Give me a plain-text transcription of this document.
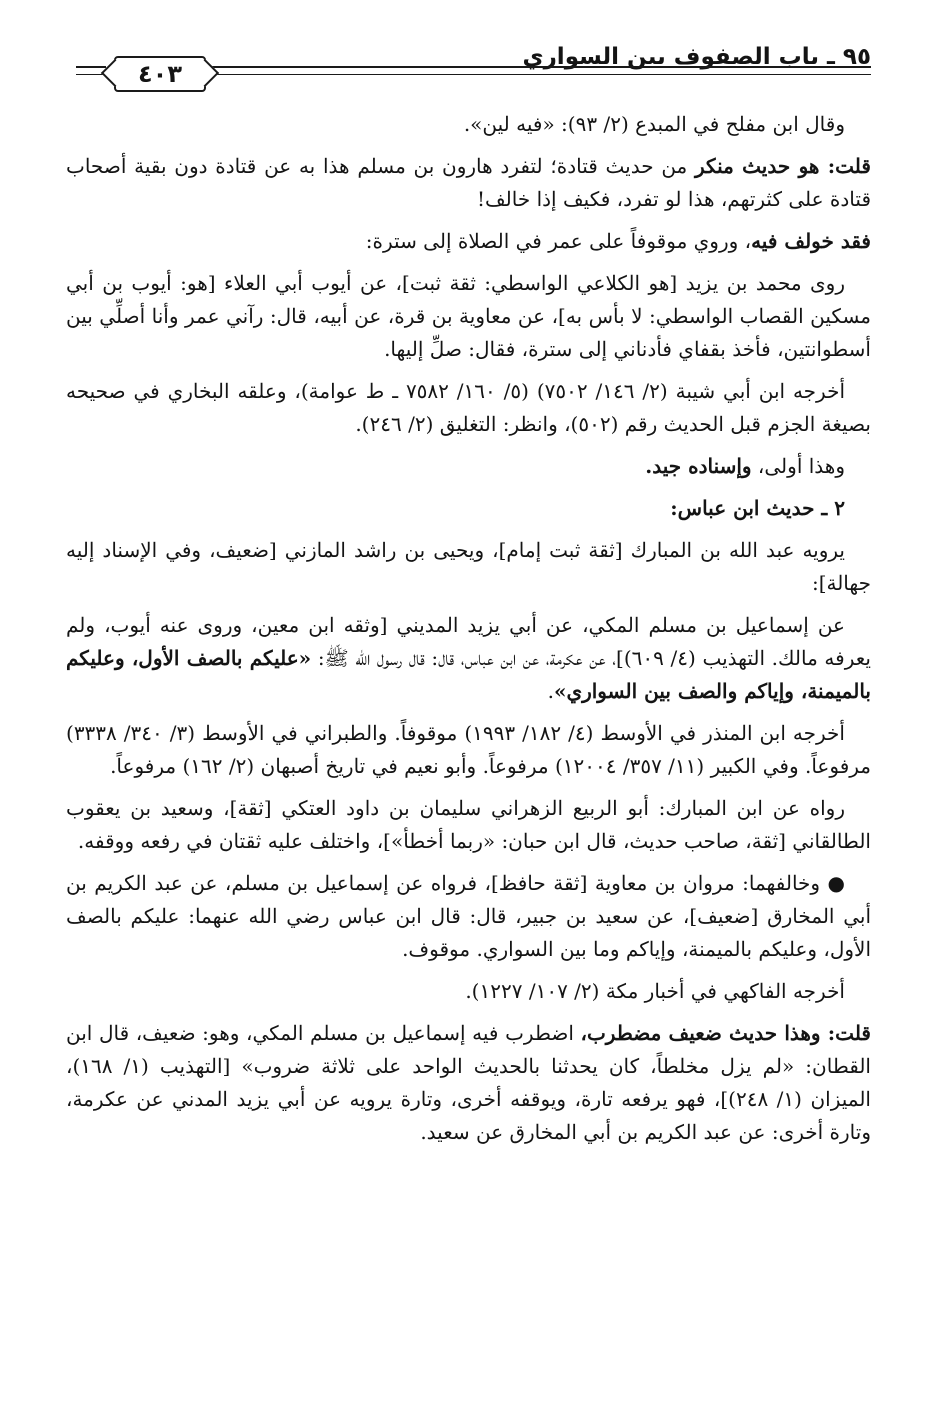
٩٥ ـ باب الصفوف بين السواري
٤٠٣

وقال ابن مفلح في المبدع (٢/ ٩٣): «فيه لين».

قلت: هو حديث منكر من حديث قتادة؛ لتفرد هارون بن مسلم هذا به عن قتادة دون بقية أصحاب قتادة على كثرتهم، هذا لو تفرد، فكيف إذا خالف!

فقد خولف فيه، وروي موقوفاً على عمر في الصلاة إلى سترة:

روى محمد بن يزيد [هو الكلاعي الواسطي: ثقة ثبت]، عن أيوب أبي العلاء [هو: أيوب بن أبي مسكين القصاب الواسطي: لا بأس به]، عن معاوية بن قرة، عن أبيه، قال: رآني عمر وأنا أصلِّي بين أسطوانتين، فأخذ بقفاي فأدناني إلى سترة، فقال: صلِّ إليها.

أخرجه ابن أبي شيبة (٢/ ١٤٦/ ٧٥٠٢) (٥/ ١٦٠/ ٧٥٨٢ ـ ط عوامة)، وعلقه البخاري في صحيحه بصيغة الجزم قبل الحديث رقم (٥٠٢)، وانظر: التغليق (٢/ ٢٤٦).

وهذا أولى، وإسناده جيد.

٢ ـ حديث ابن عباس:

يرويه عبد الله بن المبارك [ثقة ثبت إمام]، ويحيى بن راشد المازني [ضعيف، وفي الإسناد إليه جهالة]:

عن إسماعيل بن مسلم المكي، عن أبي يزيد المديني [وثقه ابن معين، وروى عنه أيوب، ولم يعرفه مالك. التهذيب (٤/ ٦٠٩)]، عن عكرمة، عن ابن عباس، قال: قال رسول الله ﷺ: «عليكم بالصف الأول، وعليكم بالميمنة، وإياكم والصف بين السواري».

أخرجه ابن المنذر في الأوسط (٤/ ١٨٢/ ١٩٩٣) موقوفاً. والطبراني في الأوسط (٣/ ٣٤٠/ ٣٣٣٨) مرفوعاً. وفي الكبير (١١/ ٣٥٧/ ١٢٠٠٤) مرفوعاً. وأبو نعيم في تاريخ أصبهان (٢/ ١٦٢) مرفوعاً.

رواه عن ابن المبارك: أبو الربيع الزهراني سليمان بن داود العتكي [ثقة]، وسعيد بن يعقوب الطالقاني [ثقة، صاحب حديث، قال ابن حبان: «ربما أخطأ»]، واختلف عليه ثقتان في رفعه ووقفه.

● وخالفهما: مروان بن معاوية [ثقة حافظ]، فرواه عن إسماعيل بن مسلم، عن عبد الكريم بن أبي المخارق [ضعيف]، عن سعيد بن جبير، قال: قال ابن عباس رضي الله عنهما: عليكم بالصف الأول، وعليكم بالميمنة، وإياكم وما بين السواري. موقوف.

أخرجه الفاكهي في أخبار مكة (٢/ ١٠٧/ ١٢٢٧).

قلت: وهذا حديث ضعيف مضطرب، اضطرب فيه إسماعيل بن مسلم المكي، وهو: ضعيف، قال ابن القطان: «لم يزل مخلطاً، كان يحدثنا بالحديث الواحد على ثلاثة ضروب» [التهذيب (١/ ١٦٨)، الميزان (١/ ٢٤٨)]، فهو يرفعه تارة، ويوقفه أخرى، وتارة يرويه عن أبي يزيد المدني عن عكرمة، وتارة أخرى: عن عبد الكريم بن أبي المخارق عن سعيد.
